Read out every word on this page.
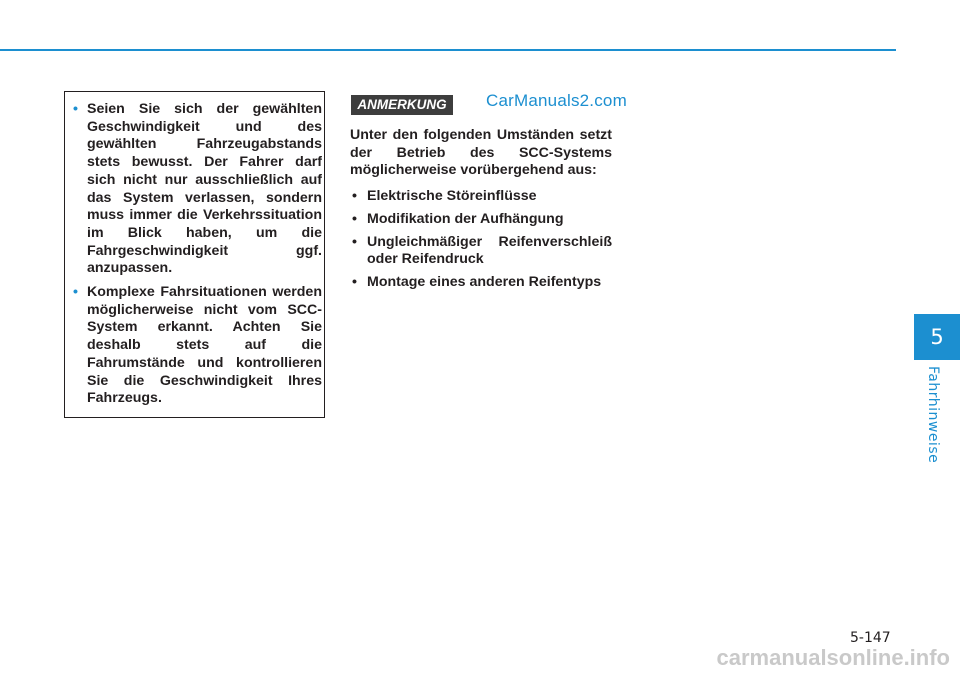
5
Fahrhinweise
• Seien Sie sich der gewählten Geschwindigkeit und des gewählten Fahrzeugabstands stets bewusst. Der Fahrer darf sich nicht nur ausschließlich auf das System verlassen, sondern muss immer die Verkehrssituation im Blick haben, um die Fahrgeschwindigkeit ggf. anzupassen.
• Komplexe Fahrsituationen werden möglicherweise nicht vom SCC-System erkannt. Achten Sie deshalb stets auf die Fahrumstände und kontrollieren Sie die Geschwindigkeit Ihres Fahrzeugs.
ANMERKUNG	CarManuals2.com

Unter den folgenden Umständen setzt der Betrieb des SCC-Systems möglicherweise vorübergehend aus:

• Elektrische Störeinflüsse
• Modifikation der Aufhängung
• Ungleichmäßiger Reifenverschleiß oder Reifendruck
• Montage eines anderen Reifentyps
5-147
carmanualsonline.info
